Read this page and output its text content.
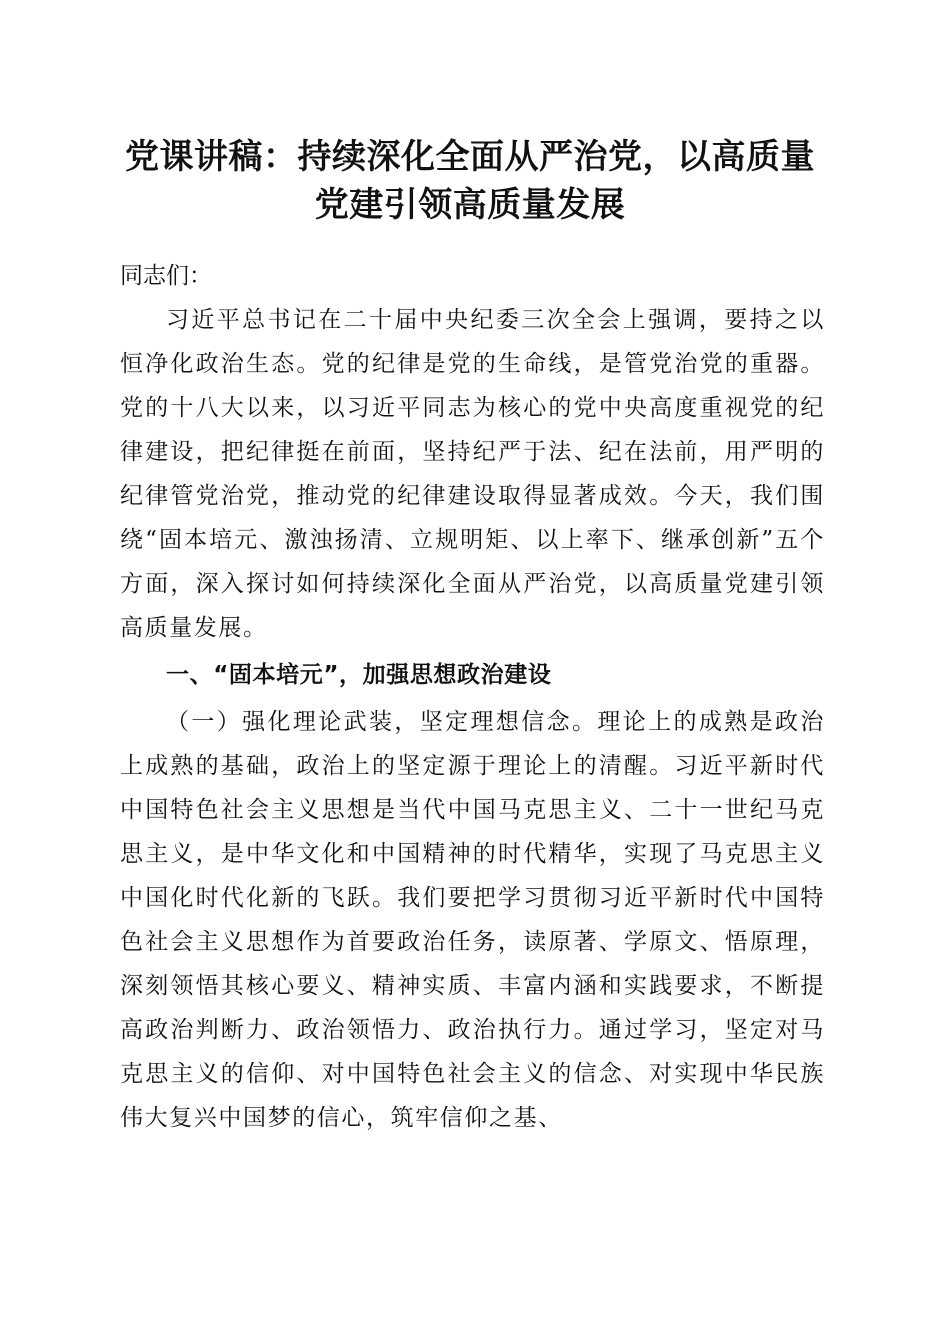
党课讲稿：持续深化全面从严治党，以高质量
党建引领高质量发展

同志们：

习近平总书记在二十届中央纪委三次全会上强调，要持之以恒净化政治生态。党的纪律是党的生命线，是管党治党的重器。党的十八大以来，以习近平同志为核心的党中央高度重视党的纪律建设，把纪律挺在前面，坚持纪严于法、纪在法前，用严明的纪律管党治党，推动党的纪律建设取得显著成效。今天，我们围绕“固本培元、激浊扬清、立规明矩、以上率下、继承创新”五个方面，深入探讨如何持续深化全面从严治党，以高质量党建引领高质量发展。

一、“固本培元”，加强思想政治建设

（一）强化理论武装，坚定理想信念。理论上的成熟是政治上成熟的基础，政治上的坚定源于理论上的清醒。习近平新时代中国特色社会主义思想是当代中国马克思主义、二十一世纪马克思主义，是中华文化和中国精神的时代精华，实现了马克思主义中国化时代化新的飞跃。我们要把学习贯彻习近平新时代中国特色社会主义思想作为首要政治任务，读原著、学原文、悟原理，深刻领悟其核心要义、精神实质、丰富内涵和实践要求，不断提高政治判断力、政治领悟力、政治执行力。通过学习，坚定对马克思主义的信仰、对中国特色社会主义的信念、对实现中华民族伟大复兴中国梦的信心，筑牢信仰之基、
